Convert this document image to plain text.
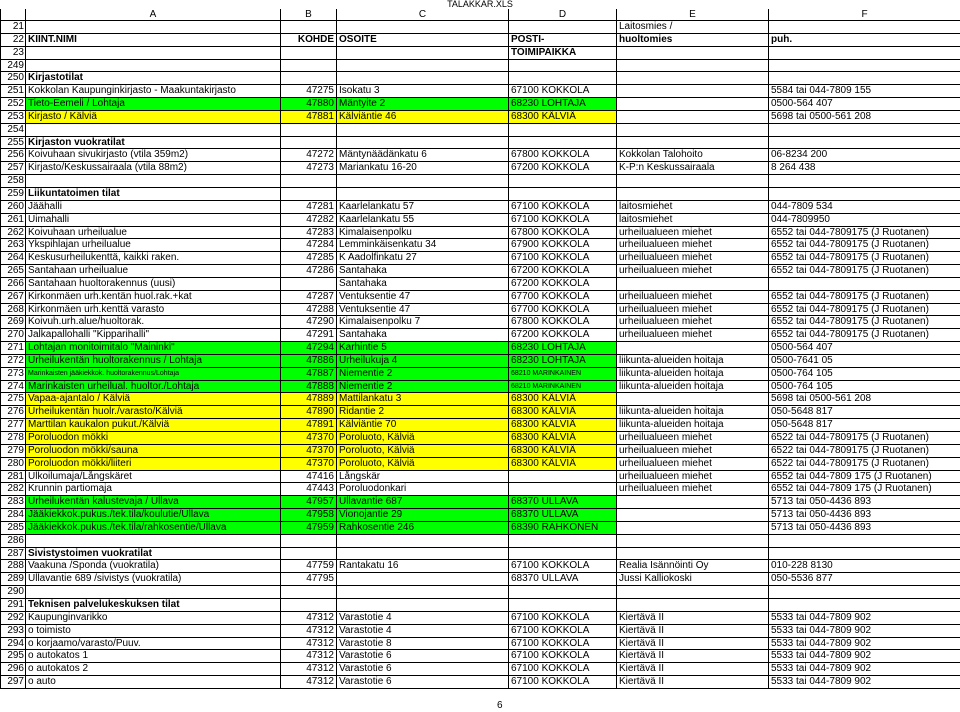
TALAKKAR.XLS
	A	B	C	D	E	F
21					Laitosmies /	
22	KIINT.NIMI	KOHDE	OSOITE	POSTI-	huoltomies	puh.
23				TOIMIPAIKKA		
249						
250	Kirjastotilat					
251	Kokkolan Kaupunginkirjasto - Maakuntakirjasto	47275	Isokatu 3	67100 KOKKOLA		5584 tai 044-7809 155
252	Tieto-Eemeli / Lohtaja	47880	Mäntyite 2	68230 LOHTAJA		0500-564 407
253	Kirjasto / Kälviä	47881	Kälviäntie 46	68300 KÄLVIÄ		5698 tai 0500-561 208
254						
255	Kirjaston vuokratilat					
256	Koivuhaan sivukirjasto (vtila 359m2)	47272	Mäntynäädänkatu 6	67800 KOKKOLA	Kokkolan Talohoito	06-8234 200
257	Kirjasto/Keskussairaala (vtila 88m2)	47273	Mariankatu 16-20	67200 KOKKOLA	K-P:n Keskussairaala	8 264 438
258						
259	Liikuntatoimen tilat					
260	Jäähalli	47281	Kaarlelankatu 57	67100 KOKKOLA	laitosmiehet	044-7809 534
261	Uimahalli	47282	Kaarlelankatu 55	67100 KOKKOLA	laitosmiehet	044-7809950
262	Koivuhaan urheilualue	47283	Kimalaisenpolku	67800 KOKKOLA	urheilualueen miehet	6552 tai 044-7809175 (J Ruotanen)
263	Ykspihlajan urheilualue	47284	Lemminkäisenkatu 34	67900 KOKKOLA	urheilualueen miehet	6552 tai 044-7809175 (J Ruotanen)
264	Keskusurheilukenttä, kaikki raken.	47285	K Aadolfinkatu 27	67100 KOKKOLA	urheilualueen miehet	6552 tai 044-7809175 (J Ruotanen)
265	Santahaan urheilualue	47286	Santahaka	67200 KOKKOLA	urheilualueen miehet	6552 tai 044-7809175 (J Ruotanen)
266	Santahaan huoltorakennus (uusi)		Santahaka	67200 KOKKOLA		
267	Kirkonmäen urh.kentän huol.rak.+kat	47287	Ventuksentie 47	67700 KOKKOLA	urheilualueen miehet	6552 tai 044-7809175 (J Ruotanen)
268	Kirkonmäen urh.kenttä varasto	47288	Ventuksentie 47	67700 KOKKOLA	urheilualueen miehet	6552 tai 044-7809175 (J Ruotanen)
269	Koivuh.urh.alue/huoltorak.	47290	Kimalaisenpolku 7	67800 KOKKOLA	urheilualueen miehet	6552 tai 044-7809175 (J Ruotanen)
270	Jalkapallohalli "Kipparihalli"	47291	Santahaka	67200 KOKKOLA	urheilualueen miehet	6552 tai 044-7809175 (J Ruotanen)
271	Lohtajan monitoimitalo "Maininki"	47294	Karhintie 5	68230 LOHTAJA		0500-564 407
272	Urheilukentän huoltorakennus / Lohtaja	47886	Urheilukuja 4	68230 LOHTAJA	liikunta-alueiden hoitaja	0500-7641 05
273	Marinkaisten jääkiekkok. huoltorakennus/Lohtaja	47887	Niementie 2	68210 MARINKAINEN	liikunta-alueiden hoitaja	0500-764 105
274	Marinkaisten urheilual. huoltor./Lohtaja	47888	Niementie 2	68210 MARINKAINEN	liikunta-alueiden hoitaja	0500-764 105
275	Vapaa-ajantalo / Kälviä	47889	Mattilankatu 3	68300 KÄLVIÄ		5698 tai 0500-561 208
276	Urheilukentän huolr./varasto/Kälviä	47890	Ridantie 2	68300 KÄLVIÄ	liikunta-alueiden hoitaja	050-5648 817
277	Marttilan kaukalon pukut./Kälviä	47891	Kälviäntie 70	68300 KÄLVIÄ	liikunta-alueiden hoitaja	050-5648 817
278	Poroluodon mökki	47370	Poroluoto, Kälviä	68300 KÄLVIÄ	urheilualueen miehet	6522 tai 044-7809175 (J Ruotanen)
279	Poroluodon mökki/sauna	47370	Poroluoto, Kälviä	68300 KÄLVIÄ	urheilualueen miehet	6522 tai 044-7809175 (J Ruotanen)
280	Poroluodon mökki/liiteri	47370	Poroluoto, Kälviä	68300 KÄLVIÄ	urheilualueen miehet	6522 tai 044-7809175 (J Ruotanen)
281	Ulkoilumaja/Långskäret	47416	Långskär		urheilualueen miehet	6552 tai 044-7809 175 (J Ruotanen)
282	Krunnin partiomaja	47443	Poroluodonkari		urheilualueen miehet	6552 tai 044-7809 175 (J Ruotanen)
283	Urheilukentän kalustevaja / Ullava	47957	Ullavantie 687	68370 ULLAVA		5713 tai 050-4436 893
284	Jääkiekkok.pukus./tek.tila/koulutie/Ullava	47958	Vionojantie 29	68370 ULLAVA		5713 tai 050-4436 893
285	Jääkiekkok.pukus./tek.tila/rahkosentie/Ullava	47959	Rahkosentie 246	68390 RAHKONEN		5713 tai 050-4436 893
286						
287	Sivistystoimen vuokratilat					
288	Vaakuna /Sponda (vuokratila)	47759	Rantakatu 16	67100 KOKKOLA	Realia Isännöinti Oy	010-228 8130
289	Ullavantie 689 /sivistys (vuokratila)	47795		68370 ULLAVA	Jussi Kalliokoski	050-5536 877
290						
291	Teknisen palvelukeskuksen tilat					
292	Kaupunginvarikko	47312	Varastotie 4	67100 KOKKOLA	Kiertävä II	5533 tai 044-7809 902
293	o toimisto	47312	Varastotie 4	67100 KOKKOLA	Kiertävä II	5533 tai 044-7809 902
294	o korjaamo/varasto/Puuv.	47312	Varastotie 8	67100 KOKKOLA	Kiertävä II	5533 tai 044-7809 902
295	o autokatos 1	47312	Varastotie 6	67100 KOKKOLA	Kiertävä II	5533 tai 044-7809 902
296	o autokatos 2	47312	Varastotie 6	67100 KOKKOLA	Kiertävä II	5533 tai 044-7809 902
297	o auto	47312	Varastotie 6	67100 KOKKOLA	Kiertävä II	5533 tai 044-7809 902
6
